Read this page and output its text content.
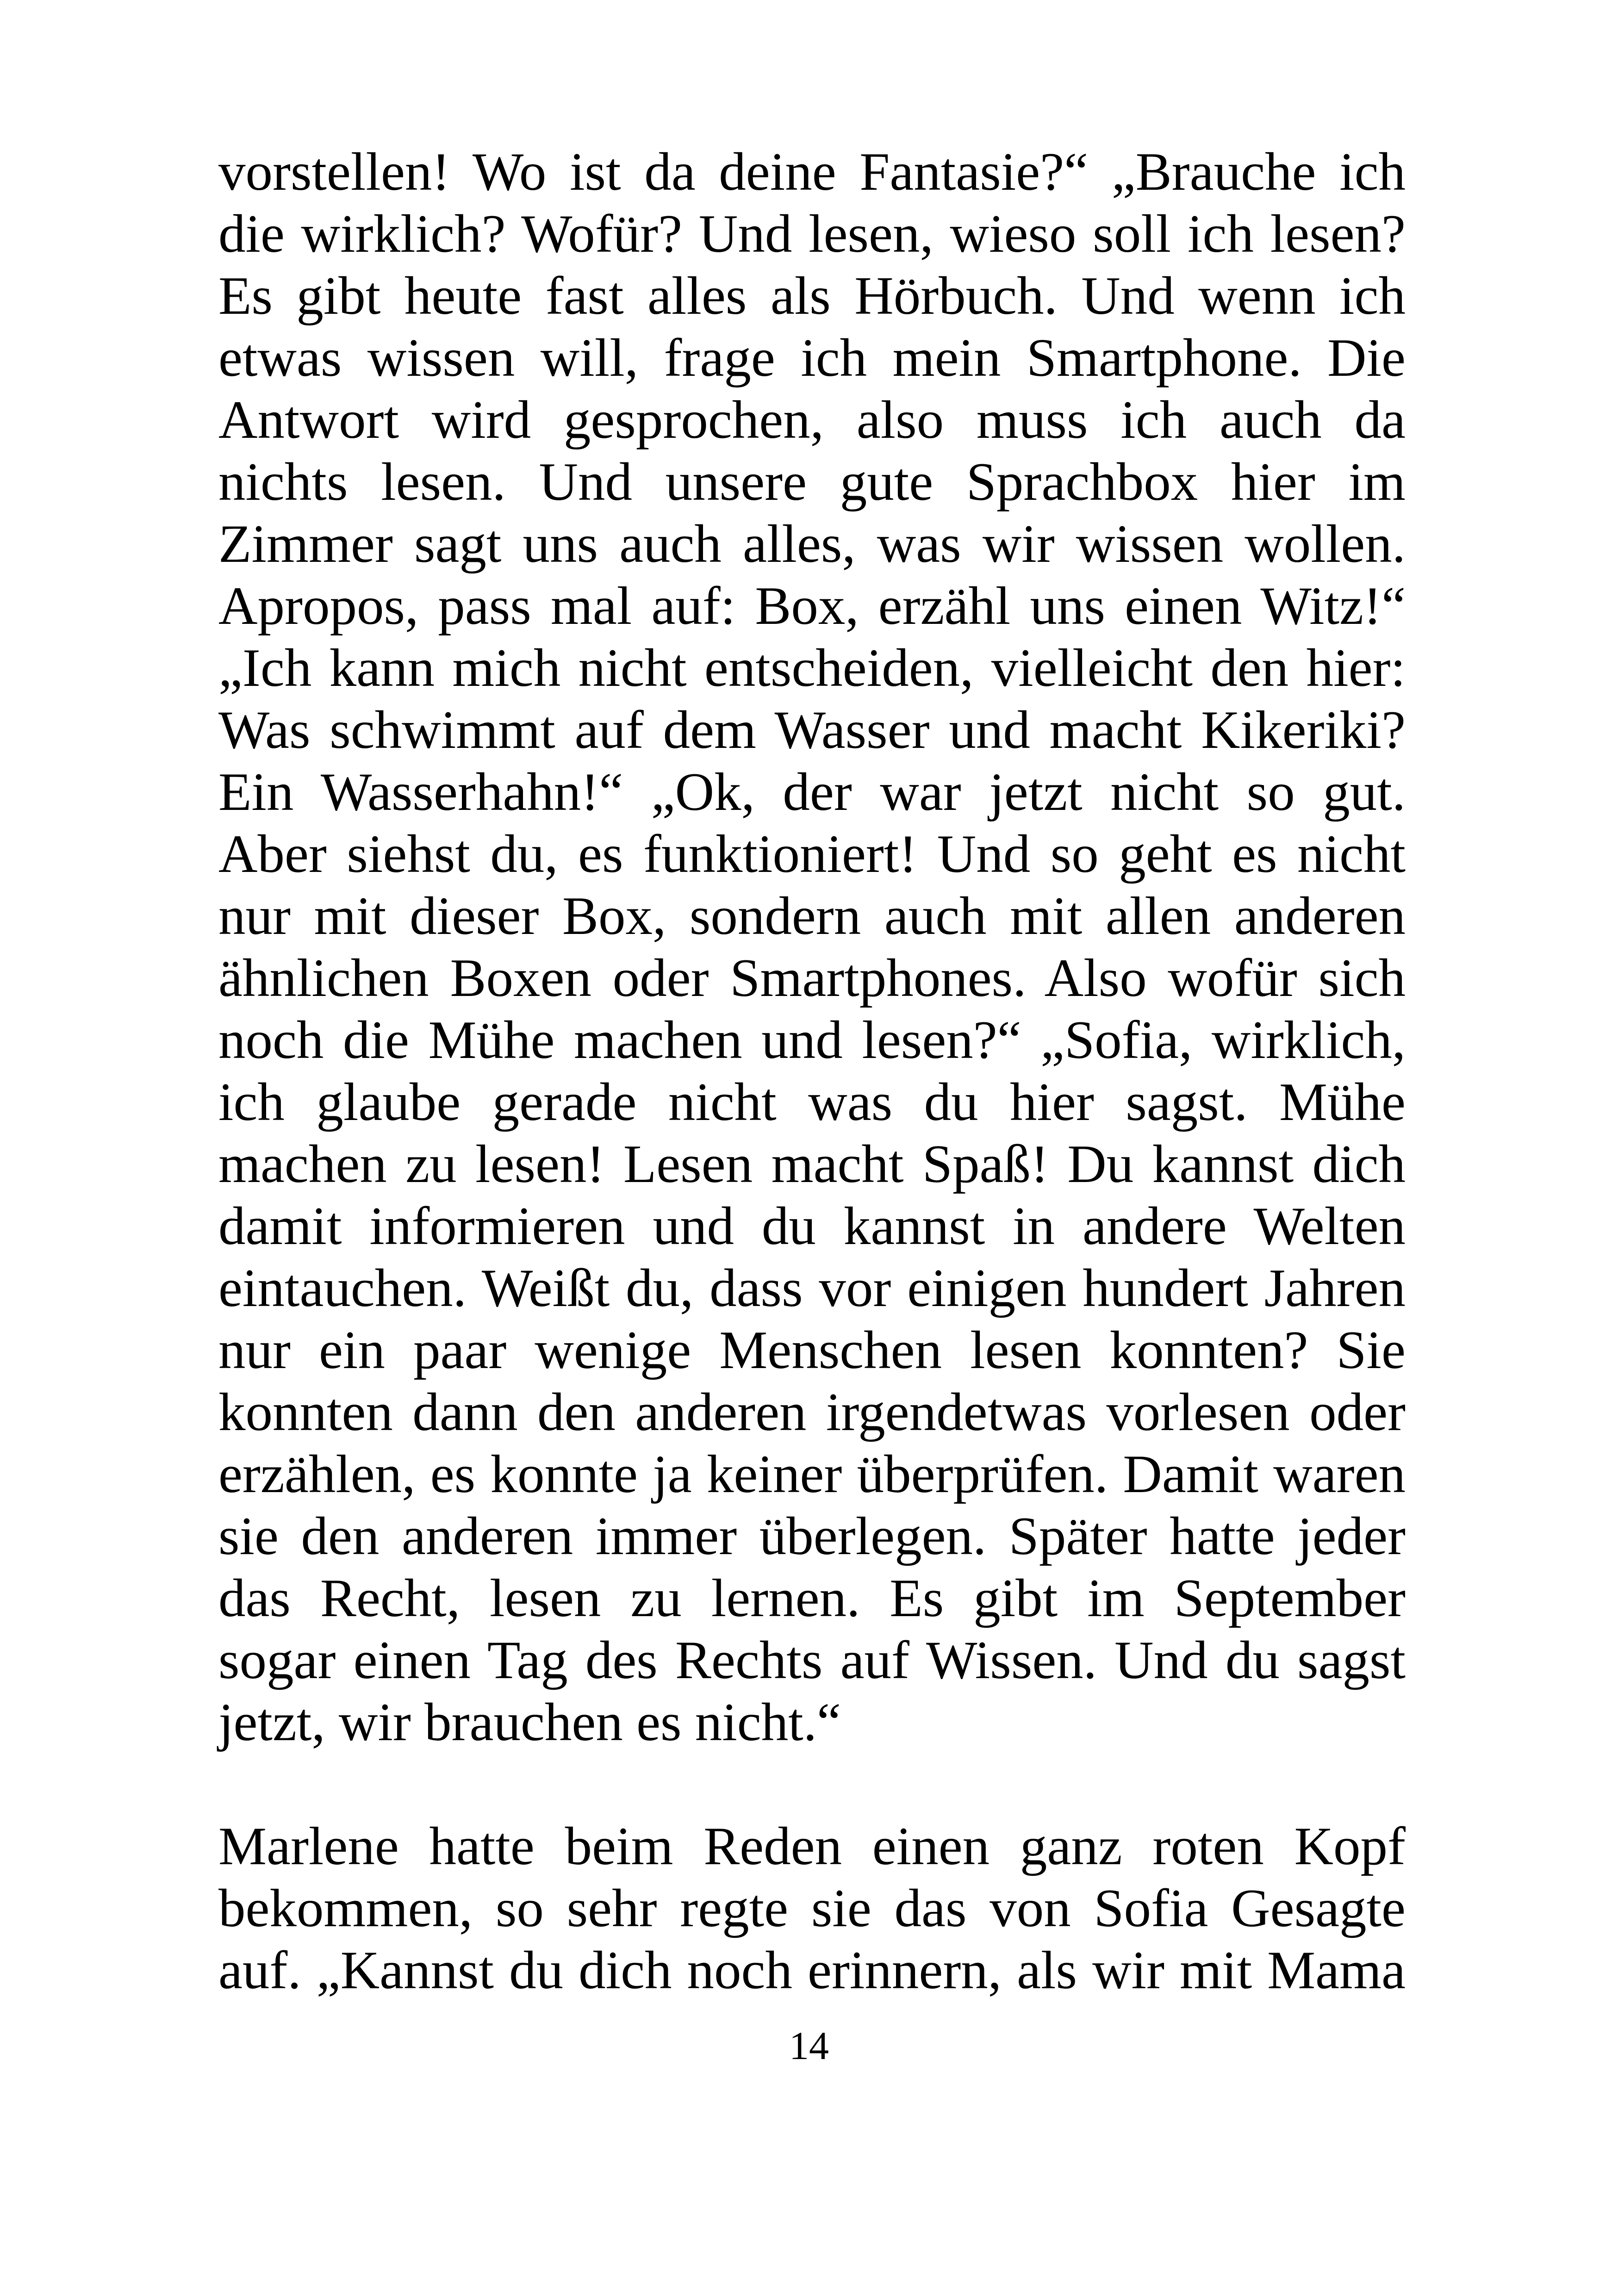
vorstellen! Wo ist da deine Fantasie?“ „Brauche ich
die wirklich? Wofür? Und lesen, wieso soll ich lesen?
Es gibt heute fast alles als Hörbuch. Und wenn ich
etwas wissen will, frage ich mein Smartphone. Die
Antwort wird gesprochen, also muss ich auch da
nichts lesen. Und unsere gute Sprachbox hier im
Zimmer sagt uns auch alles, was wir wissen wollen.
Apropos, pass mal auf: Box, erzähl uns einen Witz!“
„Ich kann mich nicht entscheiden, vielleicht den hier:
Was schwimmt auf dem Wasser und macht Kikeriki?
Ein Wasserhahn!“ „Ok, der war jetzt nicht so gut.
Aber siehst du, es funktioniert! Und so geht es nicht
nur mit dieser Box, sondern auch mit allen anderen
ähnlichen Boxen oder Smartphones. Also wofür sich
noch die Mühe machen und lesen?“ „Sofia, wirklich,
ich glaube gerade nicht was du hier sagst. Mühe
machen zu lesen! Lesen macht Spaß! Du kannst dich
damit informieren und du kannst in andere Welten
eintauchen. Weißt du, dass vor einigen hundert Jahren
nur ein paar wenige Menschen lesen konnten? Sie
konnten dann den anderen irgendetwas vorlesen oder
erzählen, es konnte ja keiner überprüfen. Damit waren
sie den anderen immer überlegen. Später hatte jeder
das Recht, lesen zu lernen. Es gibt im September
sogar einen Tag des Rechts auf Wissen. Und du sagst
jetzt, wir brauchen es nicht.“

Marlene hatte beim Reden einen ganz roten Kopf
bekommen, so sehr regte sie das von Sofia Gesagte
auf. „Kannst du dich noch erinnern, als wir mit Mama

14
